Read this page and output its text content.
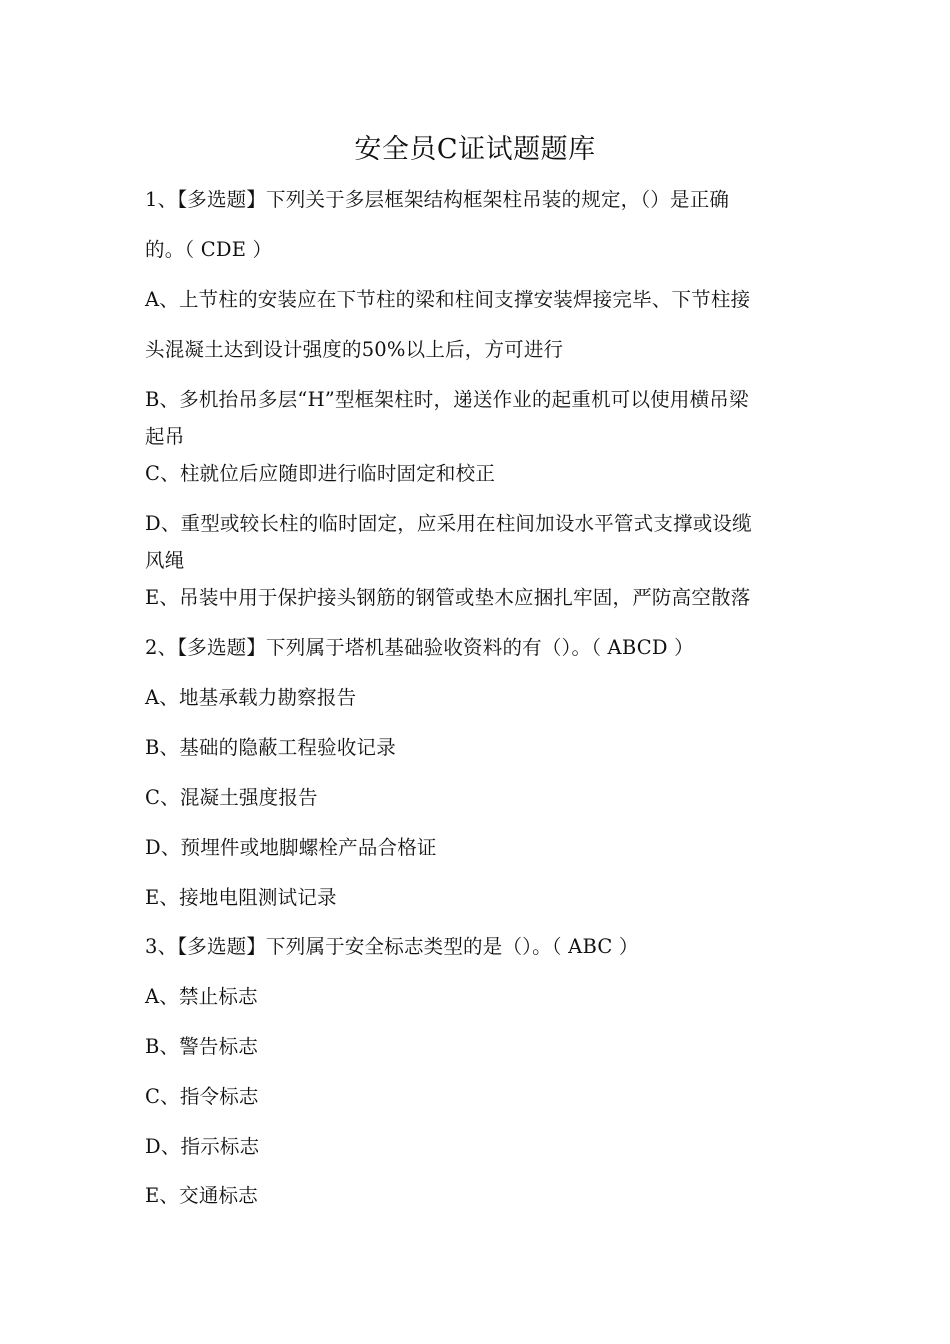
安全员C证试题题库
1、【多选题】下列关于多层框架结构框架柱吊装的规定，（）是正确
的。（ CDE ）
A、上节柱的安装应在下节柱的梁和柱间支撑安装焊接完毕、下节柱接
头混凝土达到设计强度的50%以上后，方可进行
B、多机抬吊多层“H”型框架柱时，递送作业的起重机可以使用横吊梁
起吊
C、柱就位后应随即进行临时固定和校正
D、重型或较长柱的临时固定，应采用在柱间加设水平管式支撑或设缆
风绳
E、吊装中用于保护接头钢筋的钢管或垫木应捆扎牢固，严防高空散落
2、【多选题】下列属于塔机基础验收资料的有（）。（ ABCD ）
A、地基承载力勘察报告
B、基础的隐蔽工程验收记录
C、混凝土强度报告
D、预埋件或地脚螺栓产品合格证
E、接地电阻测试记录
3、【多选题】下列属于安全标志类型的是（）。（ ABC ）
A、禁止标志
B、警告标志
C、指令标志
D、指示标志
E、交通标志
